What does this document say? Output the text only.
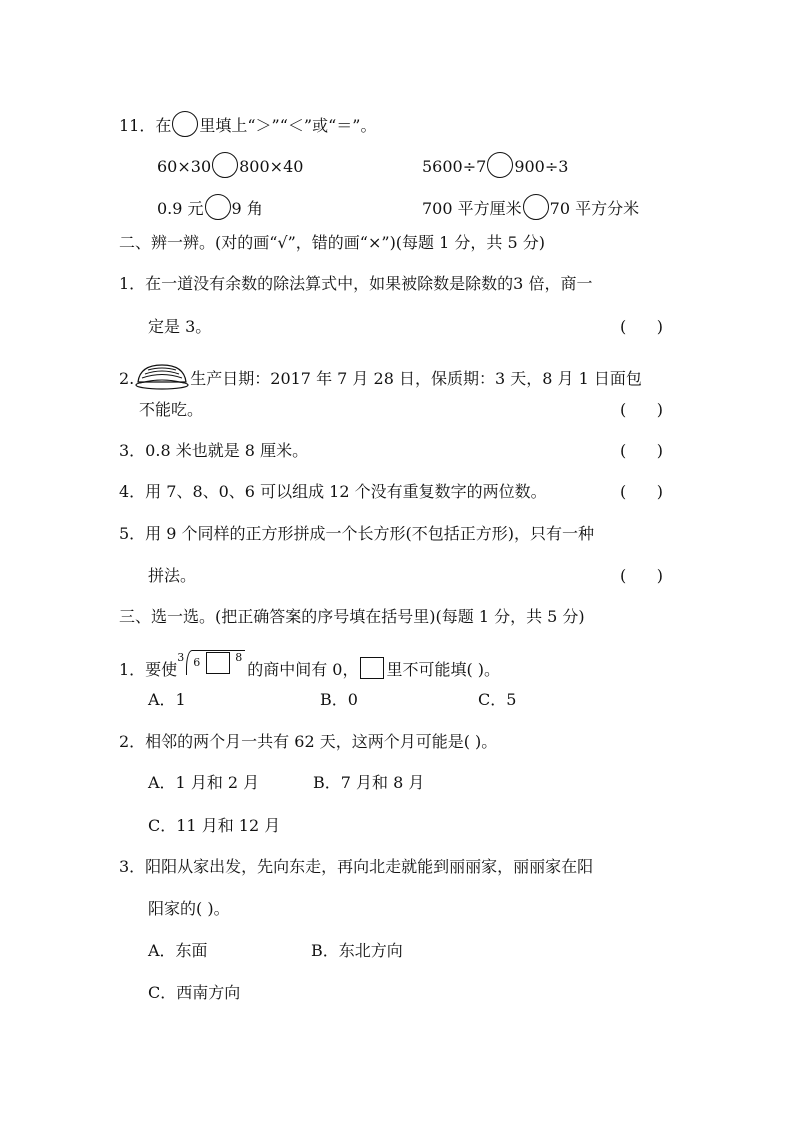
11．在 里填上“＞”“＜”或“＝”。
60×30 800×40	5600÷7 900÷3
0.9 元 9 角	700 平方厘米 70 平方分米
二、辨一辨。(对的画“√”，错的画“×”)(每题 1 分，共 5 分)
1．在一道没有余数的除法算式中，如果被除数是除数的3 倍，商一
定是 3。	(      )
2.	生产日期：2017 年 7 月 28 日，保质期：3 天，8 月 1 日面包
不能吃。	(      )
3．0.8 米也就是 8 厘米。	(      )
4．用 7、8、0、6 可以组成 12 个没有重复数字的两位数。	(      )
5．用 9 个同样的正方形拼成一个长方形(不包括正方形)，只有一种
拼法。	(      )
三、选一选。(把正确答案的序号填在括号里)(每题 1 分，共 5 分)
1．要使
3 6	8
的商中间有 0， 里不可能填( )。
A．1	B．0	C．5
2．相邻的两个月一共有 62 天，这两个月可能是( )。
A．1 月和 2 月	B．7 月和 8 月
C．11 月和 12 月
3．阳阳从家出发，先向东走，再向北走就能到丽丽家，丽丽家在阳
阳家的( )。
A．东面	B．东北方向
C．西南方向
